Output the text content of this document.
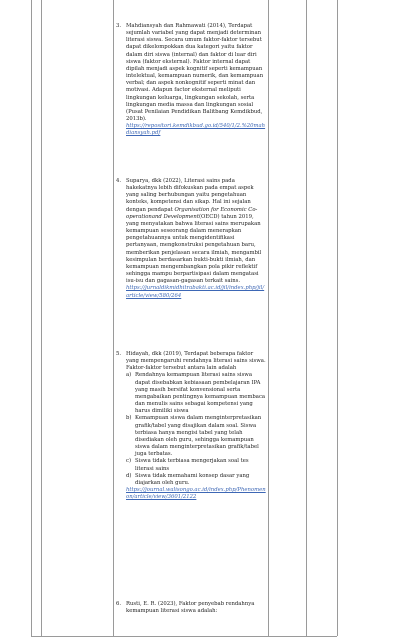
3. Mahdiansyah dan Rahmawati (2014), Terdapat sejumlah variabel yang dapat menjadi determinan literasi siswa. Secara umum faktor-faktor tersebut dapat dikelompokkan dua kategori yaitu faktor dalam diri siswa (internal) dan faktor di luar diri siswa (faktor eksternal). Faktor internal dapat dipilah menjadi aspek kognitif seperti kemampuan intelektual, kemampuan numerik, dan kemampuan verbal; dan aspek nonkognitif seperti minat dan motivasi. Adapun factor eksternal meliputi lingkungan keluarga, lingkungan sekolah, serta lingkungan media massa dan lingkungan sosial (Pusat Penilaian Pendidikan Balitbang Kemdikbud, 2013b).

https://repositori.kemdikbud.go.id/540/1/2.%20mahdiansyah.pdf

4. Suparya, dkk (2022), Literasi sains pada hakekatnya lebih difokuskan pada empat aspek yang saling berhubungan yaitu pengetahuan konteks, kompetensi dan sikap. Hal ini sejalan dengan pendapat Organisation for Economic Co-operationand Development(OECD) tahun 2019, yang menyatakan bahwa literasi sains merupakan kemampuan seseorang dalam menerapkan pengetahuannya untuk mengidentifikasi pertanyaan, mengkonstruksi pengetahuan baru, memberikan penjelasan secara ilmiah, mengambil kesimpulan berdasarkan bukti-bukti ilmiah, dan kemampuan mengembangkan pola pikir reflektif sehingga mampu berpartisipasi dalam mengatasi isu-isu dan gagasan-gagasan terkait sains.

https://jurnaldikmidhitrabakti.ac.id/jil/index.php/jil/article/view/580/264

5. Hidayah, dkk (2019), Terdapat beberapa faktor yang mempengaruhi rendahnya literasi sains siswa. Faktor-faktor tersebut antara lain adalah

a) Rendahnya kemampuan literasi sains siswa dapat disebabkan kebiasaan pembelajaran IPA yang masih bersifat konvensional serta mengabaikan pentingnya kemampuan membaca dan menulis sains sebagai kompetensi yang harus dimiliki siswa
b) Kemampuan siswa dalam menginterpretasikan grafik/tabel yang disajikan dalam soal. Siswa terbiasa hanya mengisi tabel yang telah disediakan oleh guru, sehingga kemampuan siswa dalam menginterpretasikan grafik/tabel juga terbatas.
c) Siswa tidak terbiasa mengerjakan soal tes literasi sains
d) Siswa tidak memahami konsep dasar yang diajarkan oleh guru.

https://journal.walisongo.ac.id/index.php/Phenomenon/article/view/3601/2122

6. Rusti, E. R. (2023), Faktor penyebab rendahnya kemampuan literasi siswa adalah:
